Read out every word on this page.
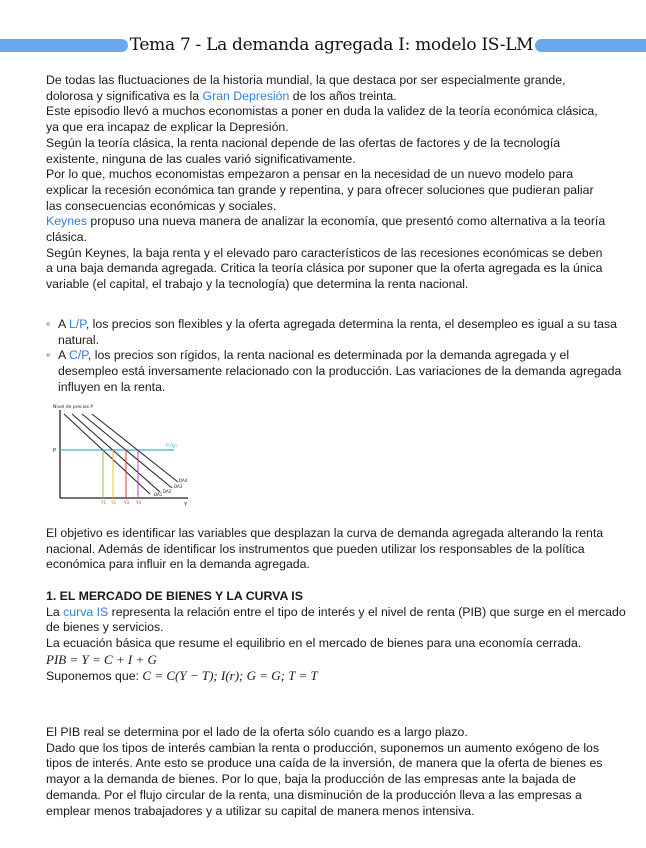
Tema 7 - La demanda agregada I: modelo IS-LM

De todas las fluctuaciones de la historia mundial, la que destaca por ser especialmente grande, dolorosa y significativa es la Gran Depresión de los años treinta.

Este episodio llevó a muchos economistas a poner en duda la validez de la teoría económica clásica, ya que era incapaz de explicar la Depresión.

Según la teoría clásica, la renta nacional depende de las ofertas de factores y de la tecnología existente, ninguna de las cuales varió significativamente.

Por lo que, muchos economistas empezaron a pensar en la necesidad de un nuevo modelo para explicar la recesión económica tan grande y repentina, y para ofrecer soluciones que pudieran paliar las consecuencias económicas y sociales.

Keynes propuso una nueva manera de analizar la economía, que presentó como alternativa a la teoría clásica.

Según Keynes, la baja renta y el elevado paro característicos de las recesiones económicas se deben a una baja demanda agregada. Critica la teoría clásica por suponer que la oferta agregada es la única variable (el capital, el trabajo y la tecnología) que determina la renta nacional.

◦ A L/P, los precios son flexibles y la oferta agregada determina la renta, el desempleo es igual a su tasa natural.
◦ A C/P, los precios son rígidos, la renta nacional es determinada por la demanda agregada y el desempleo está inversamente relacionado con la producción. Las variaciones de la demanda agregada influyen en la renta.
Nivel de precios P
P
Y
P fijo
DA1
DA2
DA3
DA4
Y1 Y2 Y3 Y4
El objetivo es identificar las variables que desplazan la curva de demanda agregada alterando la renta nacional. Además de identificar los instrumentos que pueden utilizar los responsables de la política económica para influir en la demanda agregada.

1. EL MERCADO DE BIENES Y LA CURVA IS

La curva IS representa la relación entre el tipo de interés y el nivel de renta (PIB) que surge en el mercado de bienes y servicios.

La ecuación básica que resume el equilibrio en el mercado de bienes para una economía cerrada.

PIB = Y = C + I + G

Suponemos que: C = C(Y − T); I(r); G = G; T = T

El PIB real se determina por el lado de la oferta sólo cuando es a largo plazo.

Dado que los tipos de interés cambian la renta o producción, suponemos un aumento exógeno de los tipos de interés. Ante esto se produce una caída de la inversión, de manera que la oferta de bienes es mayor a la demanda de bienes. Por lo que, baja la producción de las empresas ante la bajada de demanda. Por el flujo circular de la renta, una disminución de la producción lleva a las empresas a emplear menos trabajadores y a utilizar su capital de manera menos intensiva.
